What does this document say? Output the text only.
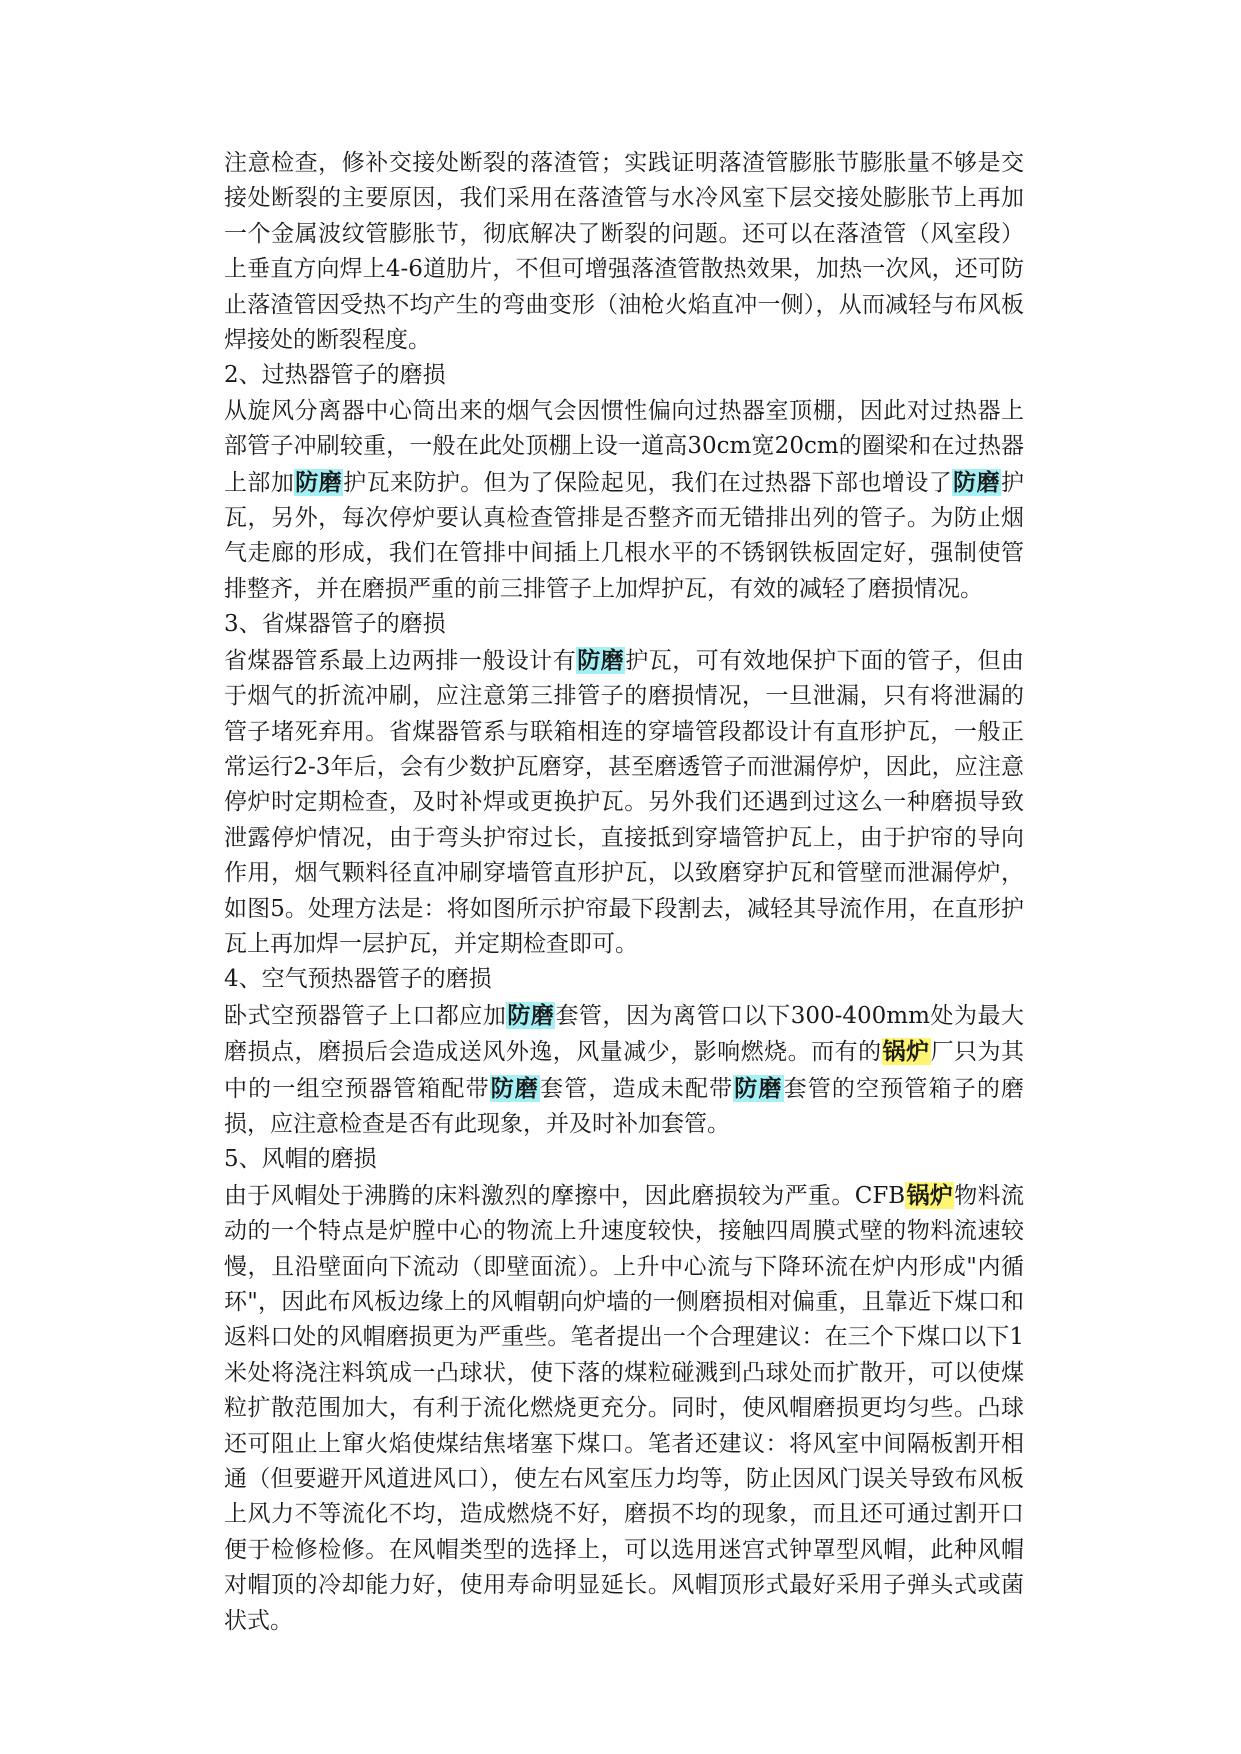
注意检查，修补交接处断裂的落渣管；实践证明落渣管膨胀节膨胀量不够是交接处断裂的主要原因，我们采用在落渣管与水冷风室下层交接处膨胀节上再加一个金属波纹管膨胀节，彻底解决了断裂的问题。还可以在落渣管（风室段）上垂直方向焊上4-6道肋片，不但可增强落渣管散热效果，加热一次风，还可防止落渣管因受热不均产生的弯曲变形（油枪火焰直冲一侧），从而减轻与布风板焊接处的断裂程度。

2、过热器管子的磨损

从旋风分离器中心筒出来的烟气会因惯性偏向过热器室顶棚，因此对过热器上部管子冲刷较重，一般在此处顶棚上设一道高30cm宽20cm的圈梁和在过热器上部加防磨护瓦来防护。但为了保险起见，我们在过热器下部也增设了防磨护瓦，另外，每次停炉要认真检查管排是否整齐而无错排出列的管子。为防止烟气走廊的形成，我们在管排中间插上几根水平的不锈钢铁板固定好，强制使管排整齐，并在磨损严重的前三排管子上加焊护瓦，有效的减轻了磨损情况。

3、省煤器管子的磨损

省煤器管系最上边两排一般设计有防磨护瓦，可有效地保护下面的管子，但由于烟气的折流冲刷，应注意第三排管子的磨损情况，一旦泄漏，只有将泄漏的管子堵死弃用。省煤器管系与联箱相连的穿墙管段都设计有直形护瓦，一般正常运行2-3年后，会有少数护瓦磨穿，甚至磨透管子而泄漏停炉，因此，应注意停炉时定期检查，及时补焊或更换护瓦。另外我们还遇到过这么一种磨损导致泄露停炉情况，由于弯头护帘过长，直接抵到穿墙管护瓦上，由于护帘的导向作用，烟气颗料径直冲刷穿墙管直形护瓦，以致磨穿护瓦和管壁而泄漏停炉，如图5。处理方法是：将如图所示护帘最下段割去，减轻其导流作用，在直形护瓦上再加焊一层护瓦，并定期检查即可。

4、空气预热器管子的磨损

卧式空预器管子上口都应加防磨套管，因为离管口以下300-400mm处为最大磨损点，磨损后会造成送风外逸，风量减少，影响燃烧。而有的锅炉厂只为其中的一组空预器管箱配带防磨套管，造成未配带防磨套管的空预管箱子的磨损，应注意检查是否有此现象，并及时补加套管。

5、风帽的磨损

由于风帽处于沸腾的床料激烈的摩擦中，因此磨损较为严重。CFB锅炉物料流动的一个特点是炉膛中心的物流上升速度较快，接触四周膜式壁的物料流速较慢，且沿壁面向下流动（即壁面流）。上升中心流与下降环流在炉内形成"内循环"，因此布风板边缘上的风帽朝向炉墙的一侧磨损相对偏重，且靠近下煤口和返料口处的风帽磨损更为严重些。笔者提出一个合理建议：在三个下煤口以下1米处将浇注料筑成一凸球状，使下落的煤粒碰溅到凸球处而扩散开，可以使煤粒扩散范围加大，有利于流化燃烧更充分。同时，使风帽磨损更均匀些。凸球还可阻止上窜火焰使煤结焦堵塞下煤口。笔者还建议：将风室中间隔板割开相通（但要避开风道进风口），使左右风室压力均等，防止因风门误关导致布风板上风力不等流化不均，造成燃烧不好，磨损不均的现象，而且还可通过割开口便于检修检修。在风帽类型的选择上，可以选用迷宫式钟罩型风帽，此种风帽对帽顶的冷却能力好，使用寿命明显延长。风帽顶形式最好采用子弹头式或菌状式。
